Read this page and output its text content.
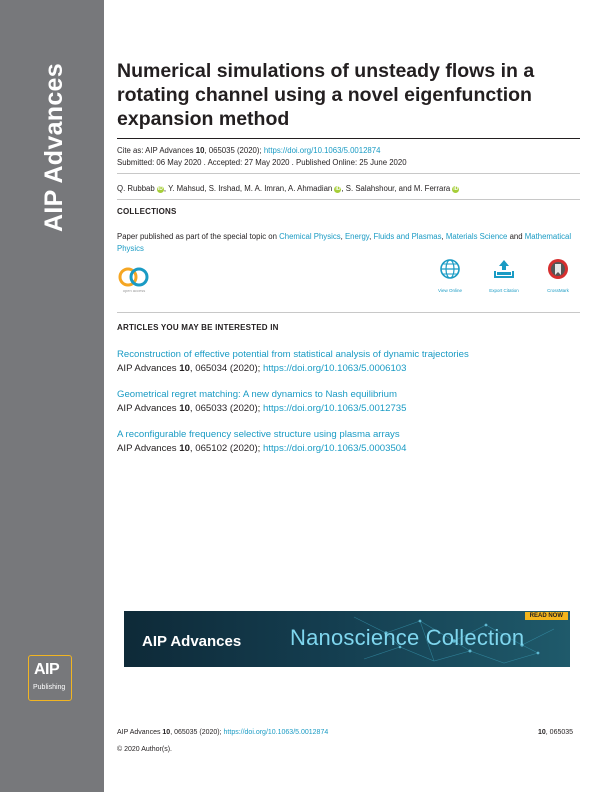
AIP Advances
AIP
Publishing
Numerical simulations of unsteady flows in a rotating channel using a novel eigenfunction expansion method
Cite as: AIP Advances 10, 065035 (2020); https://doi.org/10.1063/5.0012874
Submitted: 06 May 2020 . Accepted: 27 May 2020 . Published Online: 25 June 2020
Q. Rubbab iD, Y. Mahsud, S. Irshad, M. A. Imran, A. Ahmadian iD, S. Salahshour, and M. Ferrara iD
COLLECTIONS
Paper published as part of the special topic on Chemical Physics, Energy, Fluids and Plasmas, Materials Science and Mathematical Physics
open access	View Online	Export Citation	CrossMark
ARTICLES YOU MAY BE INTERESTED IN
Reconstruction of effective potential from statistical analysis of dynamic trajectories
AIP Advances 10, 065034 (2020); https://doi.org/10.1063/5.0006103
Geometrical regret matching: A new dynamics to Nash equilibrium
AIP Advances 10, 065033 (2020); https://doi.org/10.1063/5.0012735
A reconfigurable frequency selective structure using plasma arrays
AIP Advances 10, 065102 (2020); https://doi.org/10.1063/5.0003504
AIP Advances Nanoscience Collection
READ NOW
AIP Advances 10, 065035 (2020); https://doi.org/10.1063/5.0012874	10, 065035
© 2020 Author(s).
